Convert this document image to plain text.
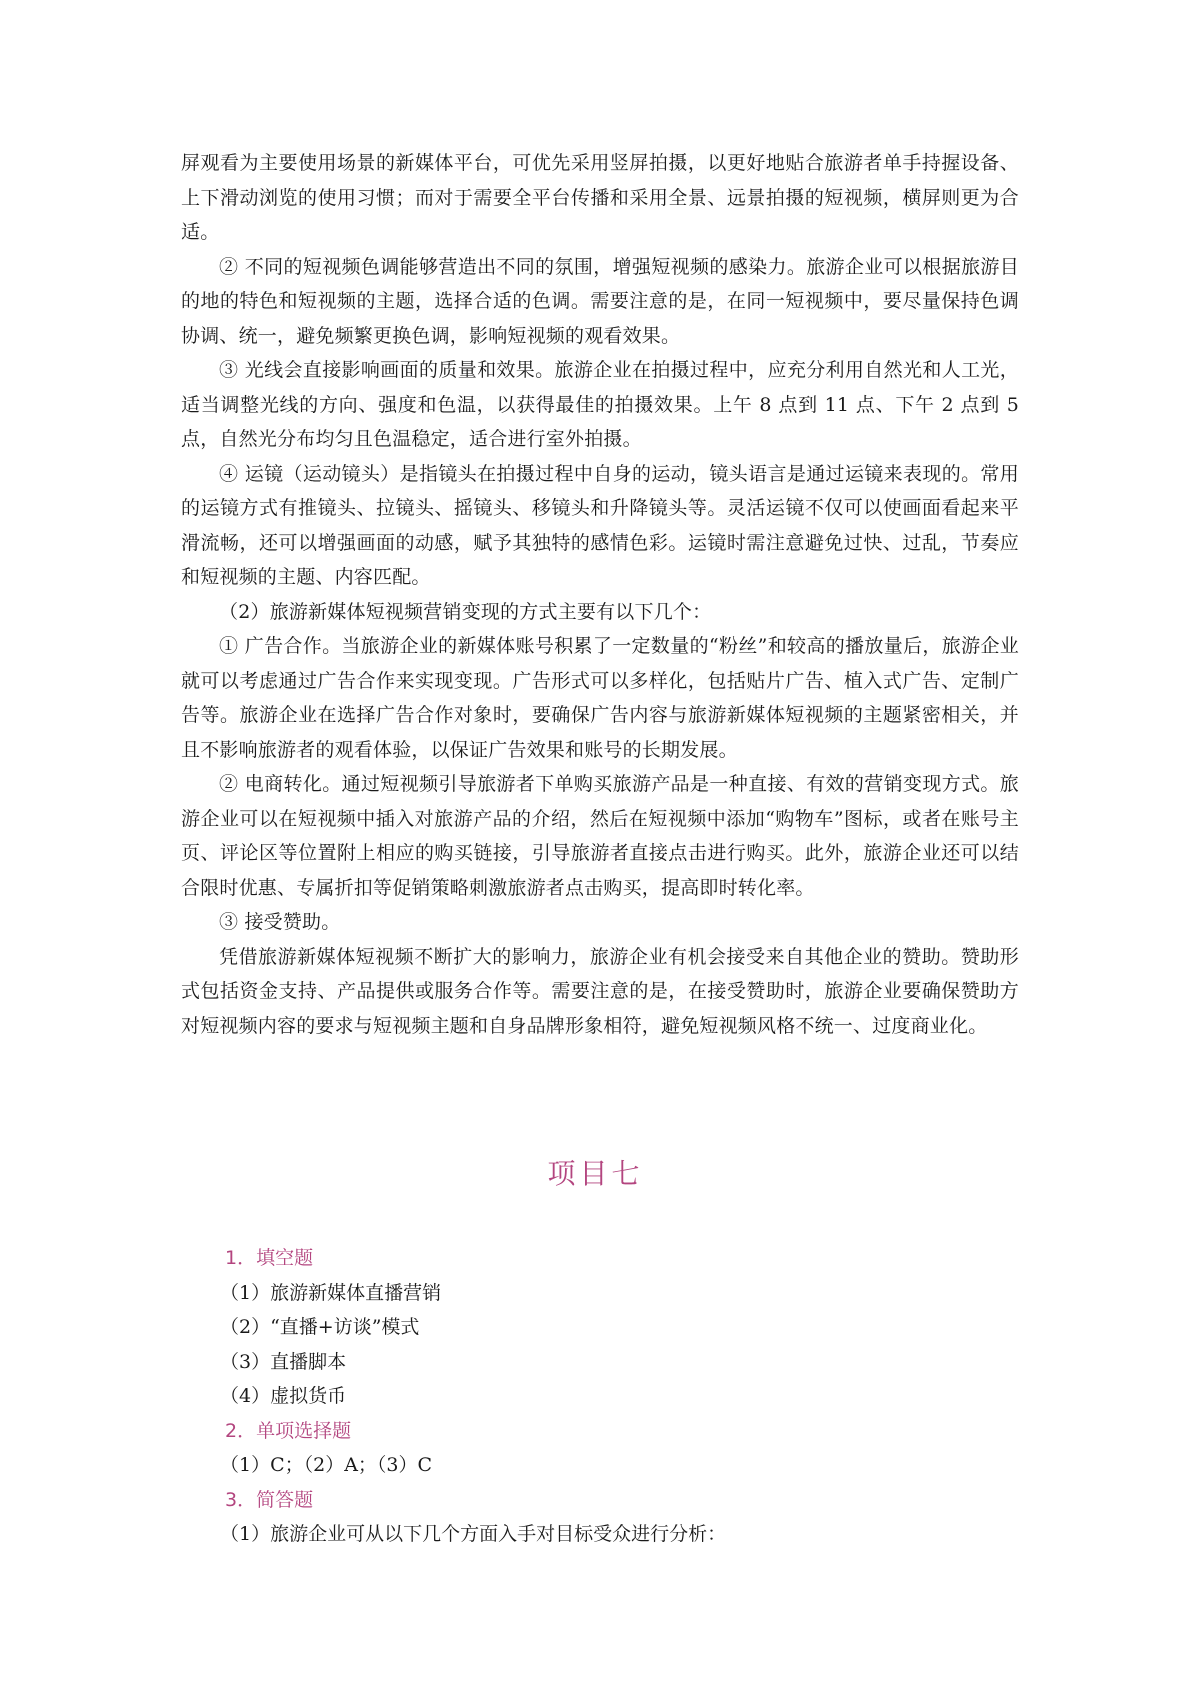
屏观看为主要使用场景的新媒体平台，可优先采用竖屏拍摄，以更好地贴合旅游者单手持握设备、上下滑动浏览的使用习惯；而对于需要全平台传播和采用全景、远景拍摄的短视频，横屏则更为合适。

② 不同的短视频色调能够营造出不同的氛围，增强短视频的感染力。旅游企业可以根据旅游目的地的特色和短视频的主题，选择合适的色调。需要注意的是，在同一短视频中，要尽量保持色调协调、统一，避免频繁更换色调，影响短视频的观看效果。

③ 光线会直接影响画面的质量和效果。旅游企业在拍摄过程中，应充分利用自然光和人工光，适当调整光线的方向、强度和色温，以获得最佳的拍摄效果。上午 8 点到 11 点、下午 2 点到 5 点，自然光分布均匀且色温稳定，适合进行室外拍摄。

④ 运镜（运动镜头）是指镜头在拍摄过程中自身的运动，镜头语言是通过运镜来表现的。常用的运镜方式有推镜头、拉镜头、摇镜头、移镜头和升降镜头等。灵活运镜不仅可以使画面看起来平滑流畅，还可以增强画面的动感，赋予其独特的感情色彩。运镜时需注意避免过快、过乱，节奏应和短视频的主题、内容匹配。

（2）旅游新媒体短视频营销变现的方式主要有以下几个：

① 广告合作。当旅游企业的新媒体账号积累了一定数量的“粉丝”和较高的播放量后，旅游企业就可以考虑通过广告合作来实现变现。广告形式可以多样化，包括贴片广告、植入式广告、定制广告等。旅游企业在选择广告合作对象时，要确保广告内容与旅游新媒体短视频的主题紧密相关，并且不影响旅游者的观看体验，以保证广告效果和账号的长期发展。

② 电商转化。通过短视频引导旅游者下单购买旅游产品是一种直接、有效的营销变现方式。旅游企业可以在短视频中插入对旅游产品的介绍，然后在短视频中添加“购物车”图标，或者在账号主页、评论区等位置附上相应的购买链接，引导旅游者直接点击进行购买。此外，旅游企业还可以结合限时优惠、专属折扣等促销策略刺激旅游者点击购买，提高即时转化率。

③ 接受赞助。

凭借旅游新媒体短视频不断扩大的影响力，旅游企业有机会接受来自其他企业的赞助。赞助形式包括资金支持、产品提供或服务合作等。需要注意的是，在接受赞助时，旅游企业要确保赞助方对短视频内容的要求与短视频主题和自身品牌形象相符，避免短视频风格不统一、过度商业化。

项目七

1．填空题

（1）旅游新媒体直播营销

（2）“直播+访谈”模式

（3）直播脚本

（4）虚拟货币

2．单项选择题

（1）C；（2）A；（3）C

3．简答题

（1）旅游企业可从以下几个方面入手对目标受众进行分析：
